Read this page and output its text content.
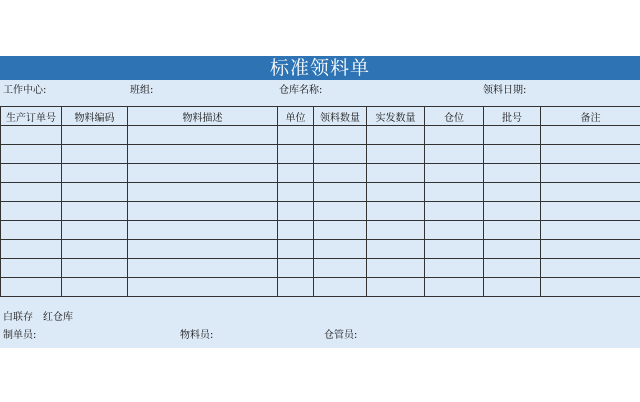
标准领料单
工作中心:	班组:	仓库名称:	领料日期:
生产订单号	物料编码	物料描述	单位	领料数量	实发数量	仓位	批号	备注

白联存　红仓库
制单员:	物料员:	仓管员:
